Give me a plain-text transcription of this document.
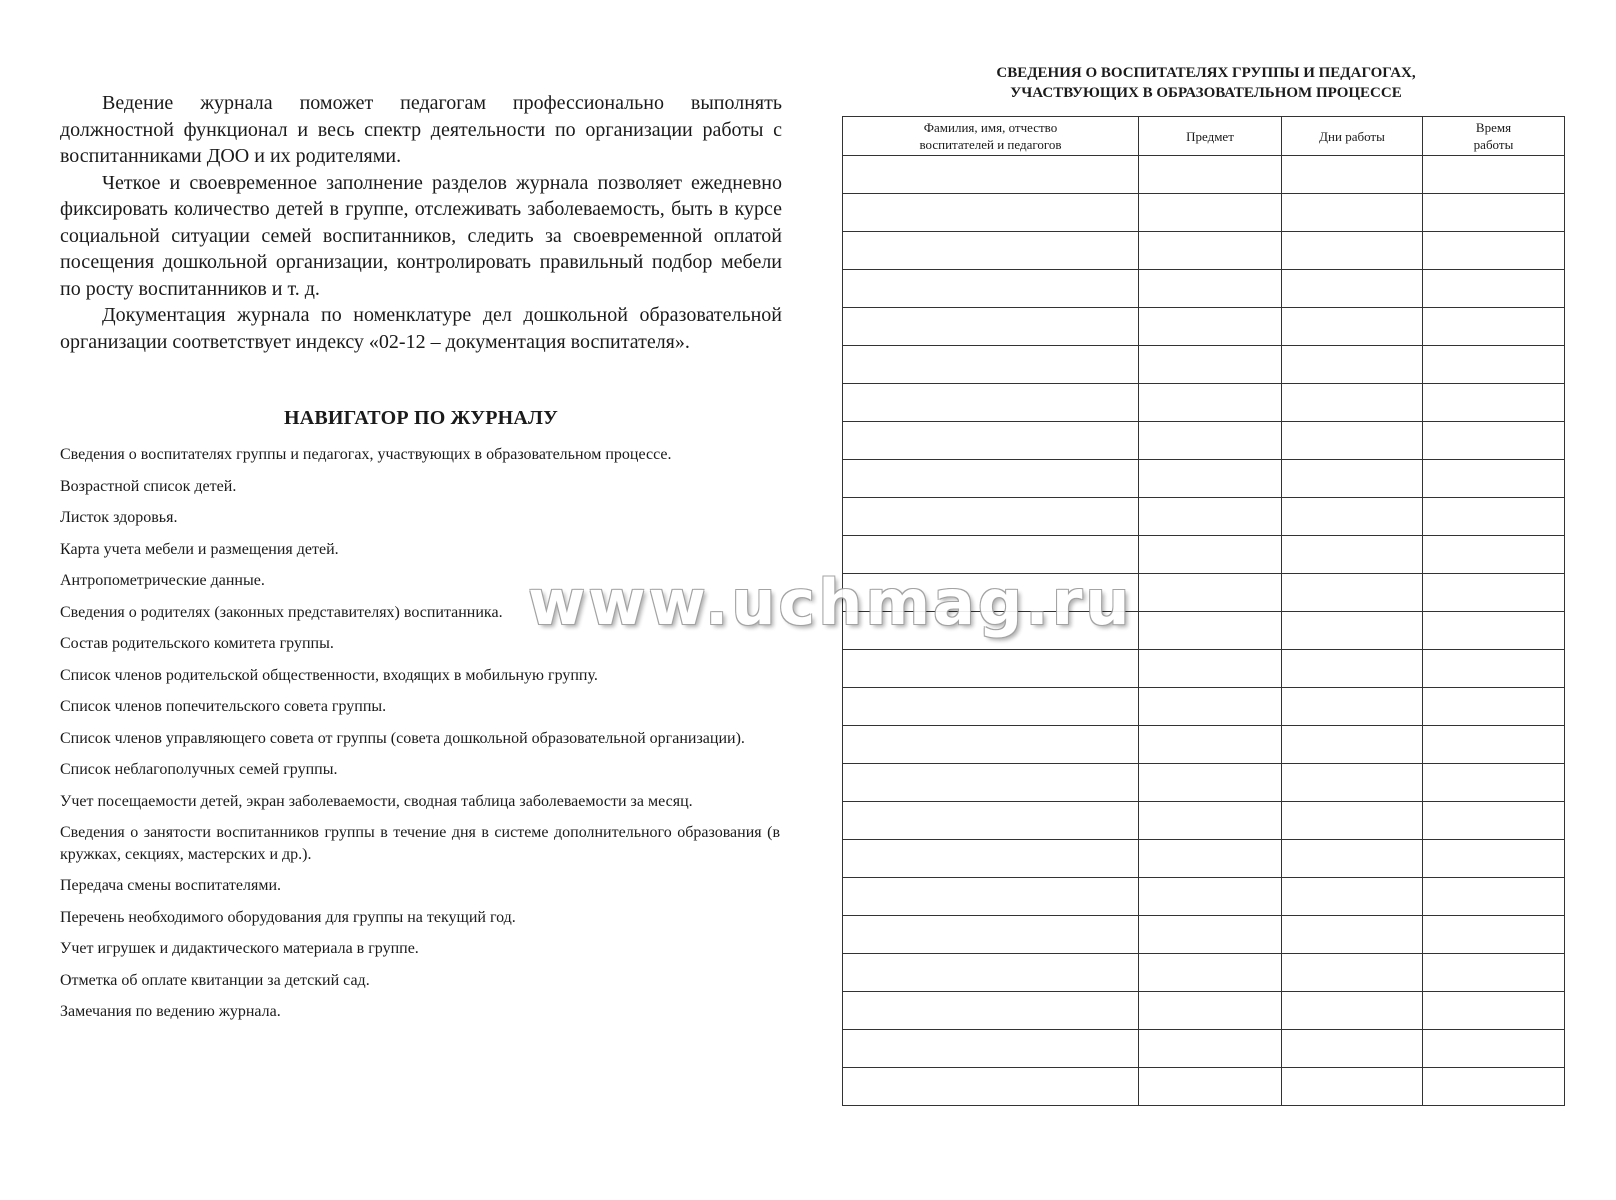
Ведение журнала поможет педагогам профессионально выполнять должностной функционал и весь спектр деятельности по организации работы с воспитанниками ДОО и их родителями.

Четкое и своевременное заполнение разделов журнала позволяет ежедневно фиксировать количество детей в группе, отслеживать заболеваемость, быть в курсе социальной ситуации семей воспитанников, следить за своевременной оплатой посещения дошкольной организации, контролировать правильный подбор мебели по росту воспитанников и т. д.

Документация журнала по номенклатуре дел дошкольной образовательной организации соответствует индексу «02-12 – документация воспитателя».

НАВИГАТОР ПО ЖУРНАЛУ
Сведения о воспитателях группы и педагогах, участвующих в образовательном процессе.
Возрастной список детей.
Листок здоровья.
Карта учета мебели и размещения детей.
Антропометрические данные.
Сведения о родителях (законных представителях) воспитанника.
Состав родительского комитета группы.
Список членов родительской общественности, входящих в мобильную группу.
Список членов попечительского совета группы.
Список членов управляющего совета от группы (совета дошкольной образовательной организации).
Список неблагополучных семей группы.
Учет посещаемости детей, экран заболеваемости, сводная таблица заболеваемости за месяц.
Сведения о занятости воспитанников группы в течение дня в системе дополнительного образования (в кружках, секциях, мастерских и др.).
Передача смены воспитателями.
Перечень необходимого оборудования для группы на текущий год.
Учет игрушек и дидактического материала в группе.
Отметка об оплате квитанции за детский сад.
Замечания по ведению журнала.
СВЕДЕНИЯ О ВОСПИТАТЕЛЯХ ГРУППЫ И ПЕДАГОГАХ,
УЧАСТВУЮЩИХ В ОБРАЗОВАТЕЛЬНОМ ПРОЦЕССЕ
Фамилия, имя, отчество
воспитателей и педагогов	Предмет	Дни работы	Время
работы

www.uchmag.ru
